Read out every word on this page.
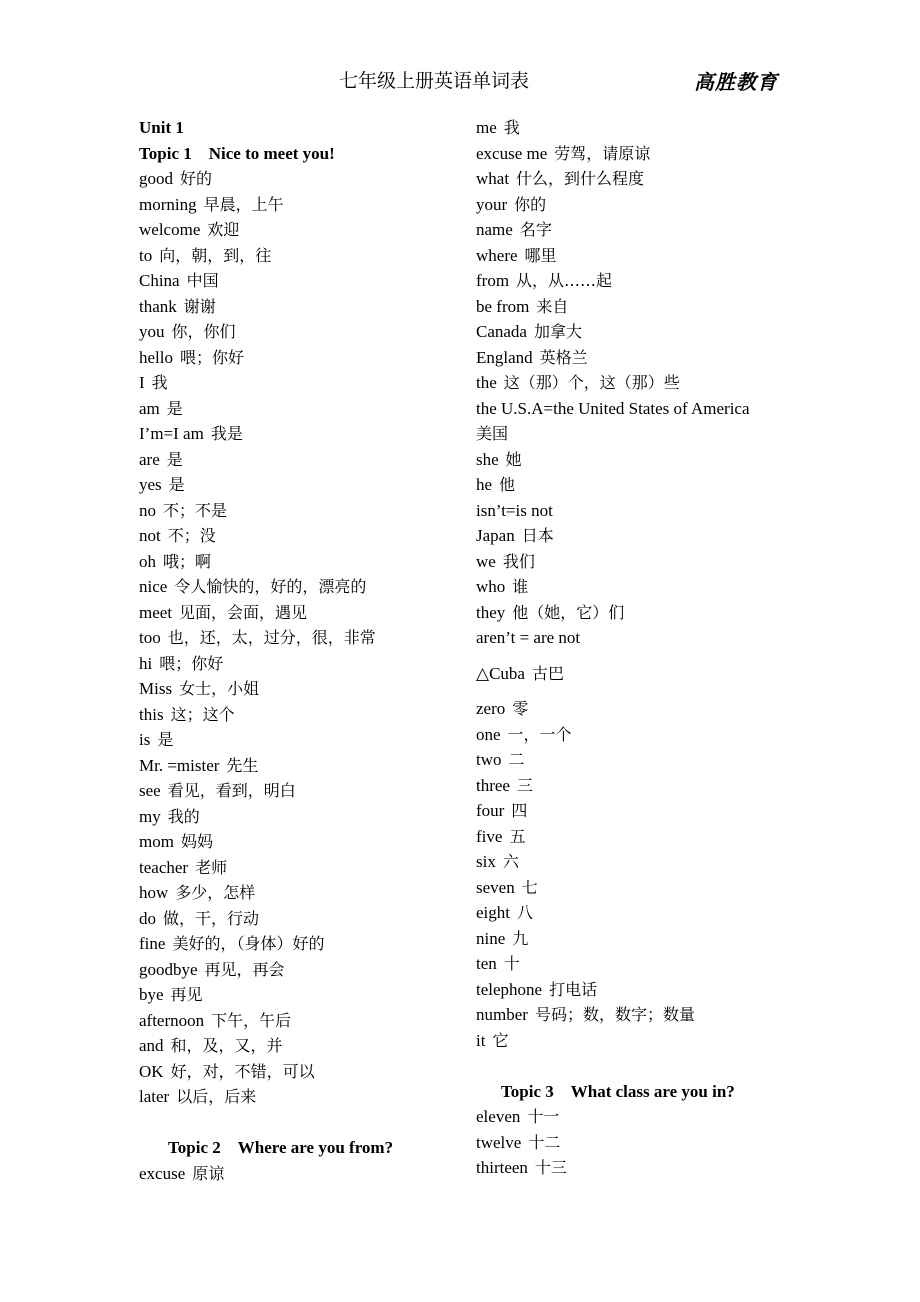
七年级上册英语单词表	高胜教育
Unit 1
Topic 1 Nice to meet you!
good 好的
morning 早晨，上午
welcome 欢迎
to 向，朝，到，往
China 中国
thank 谢谢
you 你，你们
hello 喂；你好
I 我
am 是
I’m=I am 我是
are 是
yes 是
no 不；不是
not 不；没
oh 哦；啊
nice 令人愉快的，好的，漂亮的
meet 见面，会面，遇见
too 也，还，太，过分，很，非常
hi 喂；你好
Miss 女士，小姐
this 这；这个
is 是
Mr. =mister 先生
see 看见，看到，明白
my 我的
mom 妈妈
teacher 老师
how 多少，怎样
do 做，干，行动
fine 美好的，（身体）好的
goodbye 再见，再会
bye 再见
afternoon 下午，午后
and 和，及，又，并
OK 好，对，不错，可以
later 以后，后来
Topic 2 Where are you from?
excuse 原谅
me 我
excuse me 劳驾，请原谅
what 什么，到什么程度
your 你的
name 名字
where 哪里
from 从，从……起
be from 来自
Canada 加拿大
England 英格兰
the 这（那）个，这（那）些
the U.S.A=the United States of America
美国
she 她
he 他
isn’t=is not
Japan 日本
we 我们
who 谁
they 他（她，它）们
aren’t = are not
△Cuba 古巴
zero 零
one 一，一个
two 二
three 三
four 四
five 五
six 六
seven 七
eight 八
nine 九
ten 十
telephone 打电话
number 号码；数，数字；数量
it 它
Topic 3 What class are you in?
eleven 十一
twelve 十二
thirteen 十三
